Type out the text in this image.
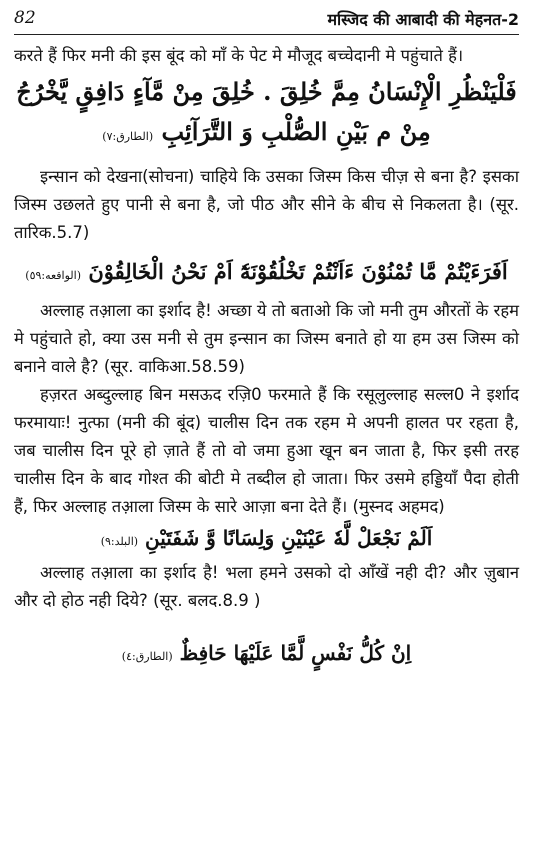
82	मस्जिद की आबादी की मेहनत-2

करते हैं फिर मनी की इस बूंद को माँ के पेट मे मौजूद बच्चेदानी मे पहुंचाते हैं।

فَلْيَنْظُرِ الْإِنْسَانُ مِمَّ خُلِقَ . خُلِقَ مِنْ مَّآءٍ دَافِقٍ يَّخْرُجُ مِنْ م بَيْنِ الصُّلْبِ وَ التَّرَآئِبِ (الطارق:٧)

इन्सान को देखना(सोचना) चाहिये कि उसका जिस्म किस चीज़ से बना है? इसका जिस्म उछलते हुए पानी से बना है, जो पीठ और सीने के बीच से निकलता है। (सूर. तारिक.5.7)

اَفَرَءَيْتُمْ مَّا تُمْنُوْنَ ءَاَنْتُمْ تَخْلُقُوْنَهٗٓ اَمْ نَحْنُ الْخَالِقُوْنَ (الواقعه:٥٩)

अल्लाह तआ़ला का इर्शाद है! अच्छा ये तो बताओ कि जो मनी तुम औरतों के रहम मे पहुंचाते हो, क्या उस मनी से तुम इन्सान का जिस्म बनाते हो या हम उस जिस्म को बनाने वाले है? (सूर. वाकिआ.58.59)

हज़रत अब्दुल्लाह बिन मसऊद रज़ि0 फरमाते हैं कि रसूलुल्लाह सल्ल0 ने इर्शाद फरमायाः! नुत्फा (मनी की बूंद) चालीस दिन तक रहम मे अपनी हालत पर रहता है, जब चालीस दिन पूरे हो ज़ाते हैं तो वो जमा हुआ खून बन जाता है, फिर इसी तरह चालीस दिन के बाद गोश्त की बोटी मे तब्दील हो जाता। फिर उसमे हड्डियाँ पैदा होती हैं, फिर अल्लाह तआ़ला जिस्म के सारे आज़ा बना देते हैं। (मुस्नद अहमद)

اَلَمْ نَجْعَلْ لَّهٗ عَيْنَيْنِ وَلِسَانًا وَّ شَفَتَيْنِ (البلد:٩)

अल्लाह तआ़ला का इर्शाद है! भला हमने उसको दो आँखें नही दी? और ज़ुबान और दो होठ नही दिये? (सूर. बलद.8.9 )

اِنْ كُلُّ نَفْسٍ لَّمَّا عَلَيْهَا حَافِظٌ (الطارق:٤)
